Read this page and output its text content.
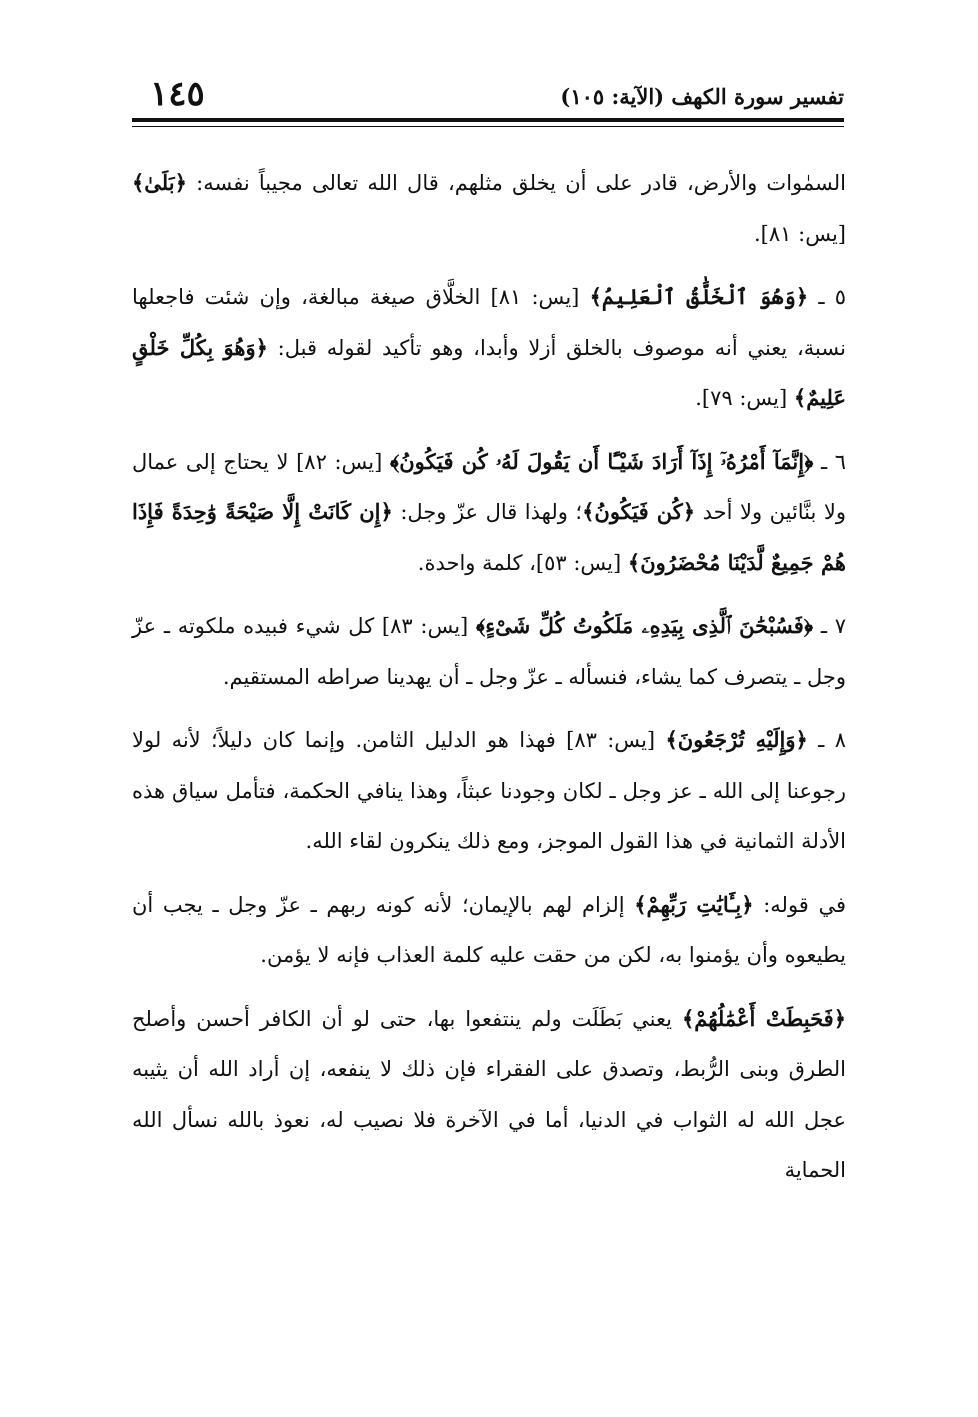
تفسير سورة الكهف (الآية: ١٠٥)
١٤٥

السمٰوات والأرض، قادر على أن يخلق مثلهم، قال الله تعالى مجيباً نفسه: ﴿بَلَىٰ﴾ [يس: ٨١].

٥ ـ ﴿وَهُوَ ٱلْخَلَّٰقُ ٱلْعَلِيمُ﴾ [يس: ٨١] الخلَّاق صيغة مبالغة، وإن شئت فاجعلها نسبة، يعني أنه موصوف بالخلق أزلا وأبدا، وهو تأكيد لقوله قبل: ﴿وَهُوَ بِكُلِّ خَلْقٍ عَلِيمٌ﴾ [يس: ٧٩].

٦ ـ ﴿إِنَّمَآ أَمْرُهُۥٓ إِذَآ أَرَادَ شَيْـًٔا أَن يَقُولَ لَهُۥ كُن فَيَكُونُ﴾ [يس: ٨٢] لا يحتاج إلى عمال ولا بنَّائين ولا أحد ﴿كُن فَيَكُونُ﴾؛ ولهذا قال عزّ وجل: ﴿إِن كَانَتْ إِلَّا صَيْحَةً وَٰحِدَةً فَإِذَا هُمْ جَمِيعٌ لَّدَيْنَا مُحْضَرُونَ﴾ [يس: ٥٣]، كلمة واحدة.

٧ ـ ﴿فَسُبْحَٰنَ ٱلَّذِى بِيَدِهِۦ مَلَكُوتُ كُلِّ شَىْءٍ﴾ [يس: ٨٣] كل شيء فبيده ملكوته ـ عزّ وجل ـ يتصرف كما يشاء، فنسأله ـ عزّ وجل ـ أن يهدينا صراطه المستقيم.

٨ ـ ﴿وَإِلَيْهِ تُرْجَعُونَ﴾ [يس: ٨٣] فهذا هو الدليل الثامن. وإنما كان دليلاً؛ لأنه لولا رجوعنا إلى الله ـ عز وجل ـ لكان وجودنا عبثاً، وهذا ينافي الحكمة، فتأمل سياق هذه الأدلة الثمانية في هذا القول الموجز، ومع ذلك ينكرون لقاء الله.

في قوله: ﴿بِـَٔايَٰتِ رَبِّهِمْ﴾ إلزام لهم بالإيمان؛ لأنه كونه ربهم ـ عزّ وجل ـ يجب أن يطيعوه وأن يؤمنوا به، لكن من حقت عليه كلمة العذاب فإنه لا يؤمن.

﴿فَحَبِطَتْ أَعْمَٰلُهُمْ﴾ يعني بَطَلَت ولم ينتفعوا بها، حتى لو أن الكافر أحسن وأصلح الطرق وبنى الرُّبط، وتصدق على الفقراء فإن ذلك لا ينفعه، إن أراد الله أن يثيبه عجل الله له الثواب في الدنيا، أما في الآخرة فلا نصيب له، نعوذ بالله نسأل الله الحماية
